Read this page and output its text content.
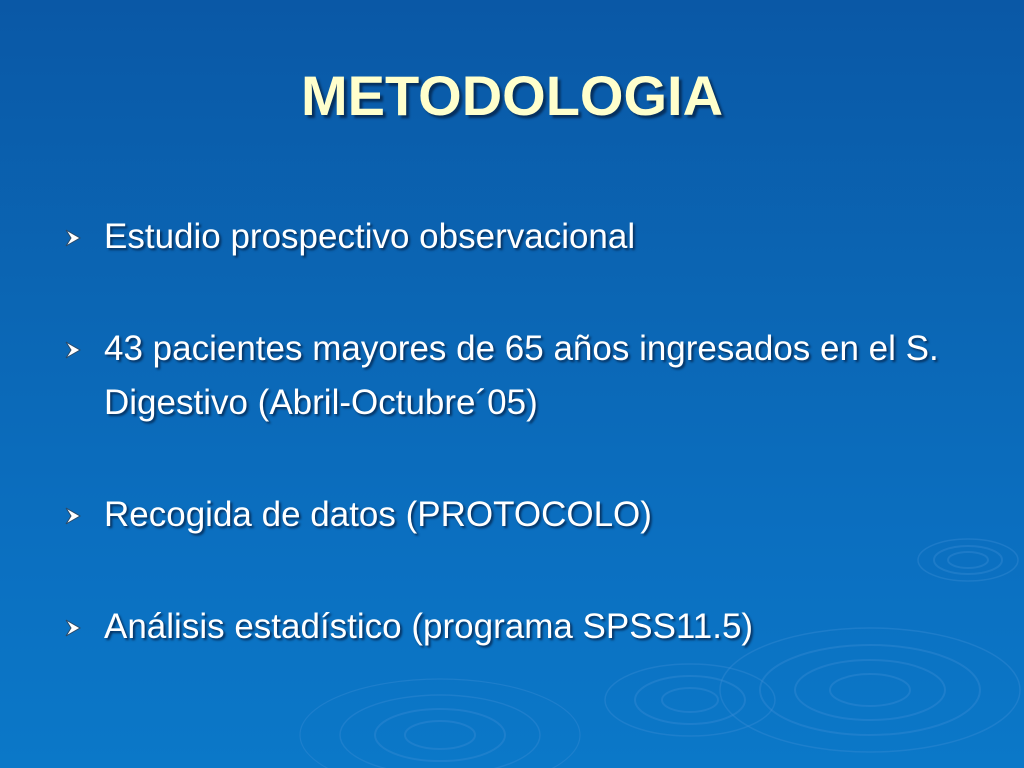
METODOLOGIA
Estudio prospectivo observacional
43 pacientes mayores de 65 años ingresados en el S. Digestivo (Abril-Octubre´05)
Recogida de datos (PROTOCOLO)
Análisis estadístico (programa SPSS11.5)
